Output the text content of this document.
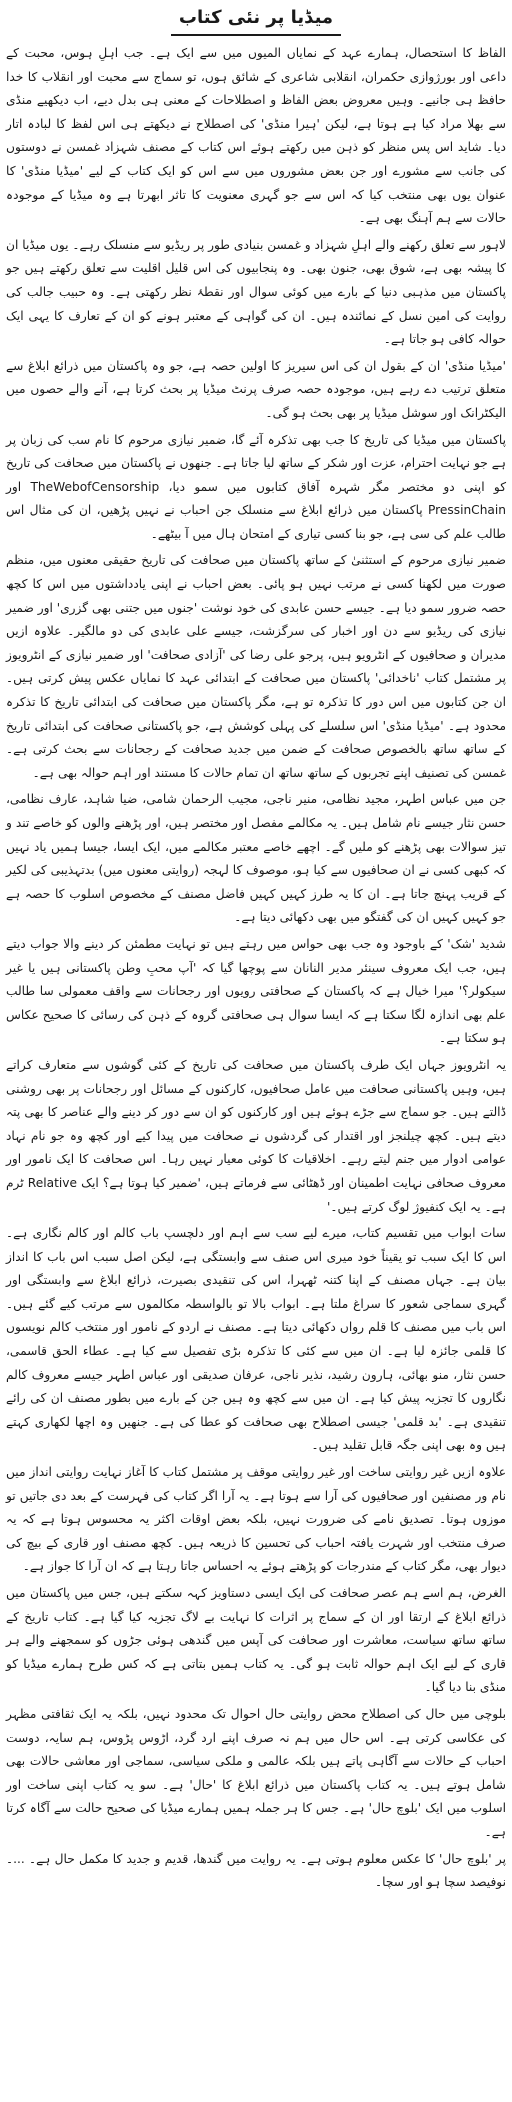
میڈیا پر نئی کتاب

الفاظ کا استحصال، ہمارے عہد کے نمایاں المیوں میں سے ایک ہے۔ جب اہلِ ہوس، محبت کے داعی اور بورژوازی حکمران، انقلابی شاعری کے شائق ہوں، تو سماج سے محبت اور انقلاب کا خدا حافظ ہی جانیے۔ وہیں معروض بعض الفاظ و اصطلاحات کے معنی ہی بدل دیے، اب دیکھیے منڈی سے بھلا مراد کیا ہے ہوتا ہے، لیکن 'ہیرا منڈی' کی اصطلاح نے دیکھتے ہی اس لفظ کا لبادہ اتار دیا۔ شاید اس پس منظر کو ذہن میں رکھتے ہوئے اس کتاب کے مصنف شہزاد غمسن نے دوستوں کی جانب سے مشورے اور جن بعض مشوروں میں سے اس کو ایک کتاب کے لیے 'میڈیا منڈی' کا عنوان یوں بھی منتخب کیا کہ اس سے جو گہری معنویت کا تاثر ابھرتا ہے وہ میڈیا کے موجودہ حالات سے ہم آہنگ بھی ہے۔

لاہور سے تعلق رکھنے والے اہلِ شہزاد و غمسن بنیادی طور پر ریڈیو سے منسلک رہے۔ یوں میڈیا ان کا پیشہ بھی ہے، شوق بھی، جنون بھی۔ وہ پنجابیوں کی اس قلیل اقلیت سے تعلق رکھتے ہیں جو پاکستان میں مذہبی دنیا کے بارے میں کوئی سوال اور نقطۂ نظر رکھتی ہے۔ وہ حبیب جالب کی روایت کی امین نسل کے نمائندہ ہیں۔ ان کی گواہی کے معتبر ہونے کو ان کے تعارف کا یہی ایک حوالہ کافی ہو جاتا ہے۔

'میڈیا منڈی' ان کے بقول ان کی اس سیریز کا اولین حصہ ہے، جو وہ پاکستان میں ذرائع ابلاغ سے متعلق ترتیب دے رہے ہیں، موجودہ حصہ صرف پرنٹ میڈیا پر بحث کرتا ہے، آنے والے حصوں میں الیکٹرانک اور سوشل میڈیا پر بھی بحث ہو گی۔

پاکستان میں میڈیا کی تاریخ کا جب بھی تذکرہ آئے گا، ضمیر نیازی مرحوم کا نام سب کی زبان پر ہے جو نہایت احترام، عزت اور شکر کے ساتھ لیا جاتا ہے۔ جنھوں نے پاکستان میں صحافت کی تاریخ کو اپنی دو مختصر مگر شہرہ آفاق کتابوں میں سمو دیا، TheWebofCensorship اور PressinChain پاکستان میں ذرائع ابلاغ سے منسلک جن احباب نے نہیں پڑھیں، ان کی مثال اس طالب علم کی سی ہے، جو بنا کسی تیاری کے امتحان ہال میں آ بیٹھے۔

ضمیر نیازی مرحوم کے استثنیٰ کے ساتھ پاکستان میں صحافت کی تاریخ حقیقی معنوں میں، منظم صورت میں لکھنا کسی نے مرتب نہیں ہو پائی۔ بعض احباب نے اپنی یادداشتوں میں اس کا کچھ حصہ ضرور سمو دیا ہے۔ جیسے حسن عابدی کی خود نوشت 'جنوں میں جتنی بھی گزری' اور ضمیر نیازی کی ریڈیو سے دن اور اخبار کی سرگزشت، جیسے علی عابدی کی دو مالگیر۔ علاوہ ازیں مدیران و صحافیوں کے انٹرویو ہیں، پرجو علی رضا کی 'آزادی صحافت' اور ضمیر نیازی کے انٹرویوز پر مشتمل کتاب 'ناخدائی' پاکستان میں صحافت کے ابتدائی عہد کا نمایاں عکس پیش کرتی ہیں۔ ان جن کتابوں میں اس دور کا تذکرہ تو ہے، مگر پاکستان میں صحافت کی ابتدائی تاریخ کا تذکرہ محدود ہے۔ 'میڈیا منڈی' اس سلسلے کی پہلی کوشش ہے، جو پاکستانی صحافت کی ابتدائی تاریخ کے ساتھ ساتھ بالخصوص صحافت کے ضمن میں جدید صحافت کے رجحانات سے بحث کرتی ہے۔ غمسن کی تصنیف اپنے تجربوں کے ساتھ ساتھ ان تمام حالات کا مستند اور اہم حوالہ بھی ہے۔

جن میں عباس اطہر، مجید نظامی، منیر ناجی، مجیب الرحمان شامی، ضیا شاہد، عارف نظامی، حسن نثار جیسے نام شامل ہیں۔ یہ مکالمے مفصل اور مختصر ہیں، اور پڑھنے والوں کو خاصے تند و تیز سوالات بھی پڑھنے کو ملیں گے۔ اچھے خاصے معتبر مکالمے میں، ایک ایسا، جیسا ہمیں یاد نہیں کہ کبھی کسی نے ان صحافیوں سے کیا ہو، موصوف کا لہجہ (روایتی معنوں میں) بدتہذیبی کی لکیر کے قریب پہنچ جاتا ہے۔ ان کا یہ طرز کہیں کہیں فاضل مصنف کے مخصوص اسلوب کا حصہ ہے جو کہیں کہیں ان کی گفتگو میں بھی دکھائی دیتا ہے۔

شدید 'شک' کے باوجود وہ جب بھی حواس میں رہتے ہیں تو نہایت مطمئن کر دینے والا جواب دیتے ہیں، جب ایک معروف سینئر مدیر النانان سے پوچھا گیا کہ 'آپ محبِ وطن پاکستانی ہیں یا غیر سیکولر؟' میرا خیال ہے کہ پاکستان کے صحافتی رویوں اور رجحانات سے واقف معمولی سا طالب علم بھی اندازہ لگا سکتا ہے کہ ایسا سوال ہی صحافتی گروہ کے ذہن کی رسائی کا صحیح عکاس ہو سکتا ہے۔

یہ انٹرویوز جہاں ایک طرف پاکستان میں صحافت کی تاریخ کے کئی گوشوں سے متعارف کراتے ہیں، وہیں پاکستانی صحافت میں عامل صحافیوں، کارکنوں کے مسائل اور رجحانات پر بھی روشنی ڈالتے ہیں۔ جو سماج سے جڑے ہوئے ہیں اور کارکنوں کو ان سے دور کر دینے والے عناصر کا بھی پتہ دیتے ہیں۔ کچھ چیلنجز اور اقتدار کی گردشوں نے صحافت میں پیدا کیے اور کچھ وہ جو نام نہاد عوامی ادوار میں جنم لیتے رہے۔ اخلاقیات کا کوئی معیار نہیں رہا۔ اس صحافت کا ایک نامور اور معروف صحافی نہایت اطمینان اور ڈھٹائی سے فرماتے ہیں، 'ضمیر کیا ہوتا ہے؟ ایک Relative ٹرم ہے۔ یہ ایک کنفیوژ لوگ کرتے ہیں۔'

سات ابواب میں تقسیم کتاب، میرے لیے سب سے اہم اور دلچسپ باب کالم اور کالم نگاری ہے۔ اس کا ایک سبب تو یقیناً خود میری اس صنف سے وابستگی ہے، لیکن اصل سبب اس باب کا انداز بیان ہے۔ جہاں مصنف کے اپنا کتنہ ٹھہرا، اس کی تنقیدی بصیرت، ذرائع ابلاغ سے وابستگی اور گہری سماجی شعور کا سراغ ملتا ہے۔ ابواب بالا تو بالواسطہ مکالموں سے مرتب کیے گئے ہیں۔ اس باب میں مصنف کا قلم رواں دکھائی دیتا ہے۔ مصنف نے اردو کے نامور اور منتخب کالم نویسوں کا قلمی جائزہ لیا ہے۔ ان میں سے کئی کا تذکرہ بڑی تفصیل سے کیا ہے۔ عطاء الحق قاسمی، حسن نثار، منو بھائی، ہارون رشید، نذیر ناجی، عرفان صدیقی اور عباس اطہر جیسے معروف کالم نگاروں کا تجزیہ پیش کیا ہے۔ ان میں سے کچھ وہ ہیں جن کے بارے میں بطور مصنف ان کی رائے تنقیدی ہے۔ 'بد قلمی' جیسی اصطلاح بھی صحافت کو عطا کی ہے۔ جنھیں وہ اچھا لکھاری کہتے ہیں وہ بھی اپنی جگہ قابل تقلید ہیں۔

علاوہ ازیں غیر روایتی ساخت اور غیر روایتی موقف پر مشتمل کتاب کا آغاز نہایت روایتی انداز میں نام ور مصنفین اور صحافیوں کی آرا سے ہوتا ہے۔ یہ آرا اگر کتاب کی فہرست کے بعد دی جاتیں تو موزوں ہوتا۔ تصدیق نامے کی ضرورت نہیں، بلکہ بعض اوقات اکثر یہ محسوس ہوتا ہے کہ یہ صرف منتخب اور شہرت یافتہ احباب کی تحسین کا ذریعہ ہیں۔ کچھ مصنف اور قاری کے بیچ کی دیوار بھی، مگر کتاب کے مندرجات کو پڑھتے ہوئے یہ احساس جاتا رہتا ہے کہ ان آرا کا جواز ہے۔

الغرض، ہم اسے ہم عصر صحافت کی ایک ایسی دستاویز کہہ سکتے ہیں، جس میں پاکستان میں ذرائع ابلاغ کے ارتقا اور ان کے سماج پر اثرات کا نہایت بے لاگ تجزیہ کیا گیا ہے۔ کتاب تاریخ کے ساتھ ساتھ سیاست، معاشرت اور صحافت کی آپس میں گندھی ہوئی جڑوں کو سمجھنے والے ہر قاری کے لیے ایک اہم حوالہ ثابت ہو گی۔ یہ کتاب ہمیں بتاتی ہے کہ کس طرح ہمارے میڈیا کو منڈی بنا دیا گیا۔

بلوچی میں حال کی اصطلاح محض روایتی حال احوال تک محدود نہیں، بلکہ یہ ایک ثقافتی مظہر کی عکاسی کرتی ہے۔ اس حال میں ہم نہ صرف اپنے ارد گرد، اڑوس پڑوس، ہم سایہ، دوست احباب کے حالات سے آگاہی پاتے ہیں بلکہ عالمی و ملکی سیاسی، سماجی اور معاشی حالات بھی شامل ہوتے ہیں۔ یہ کتاب پاکستان میں ذرائع ابلاغ کا 'حال' ہے۔ سو یہ کتاب اپنی ساخت اور اسلوب میں ایک 'بلوچ حال' ہے۔ جس کا ہر جملہ ہمیں ہمارے میڈیا کی صحیح حالت سے آگاہ کرتا ہے۔

پر 'بلوچ حال' کا عکس معلوم ہوتی ہے۔ یہ روایت میں گندھا، قدیم و جدید کا مکمل حال ہے۔ ...۔ نوفیصد سچا ہو اور سچا۔
